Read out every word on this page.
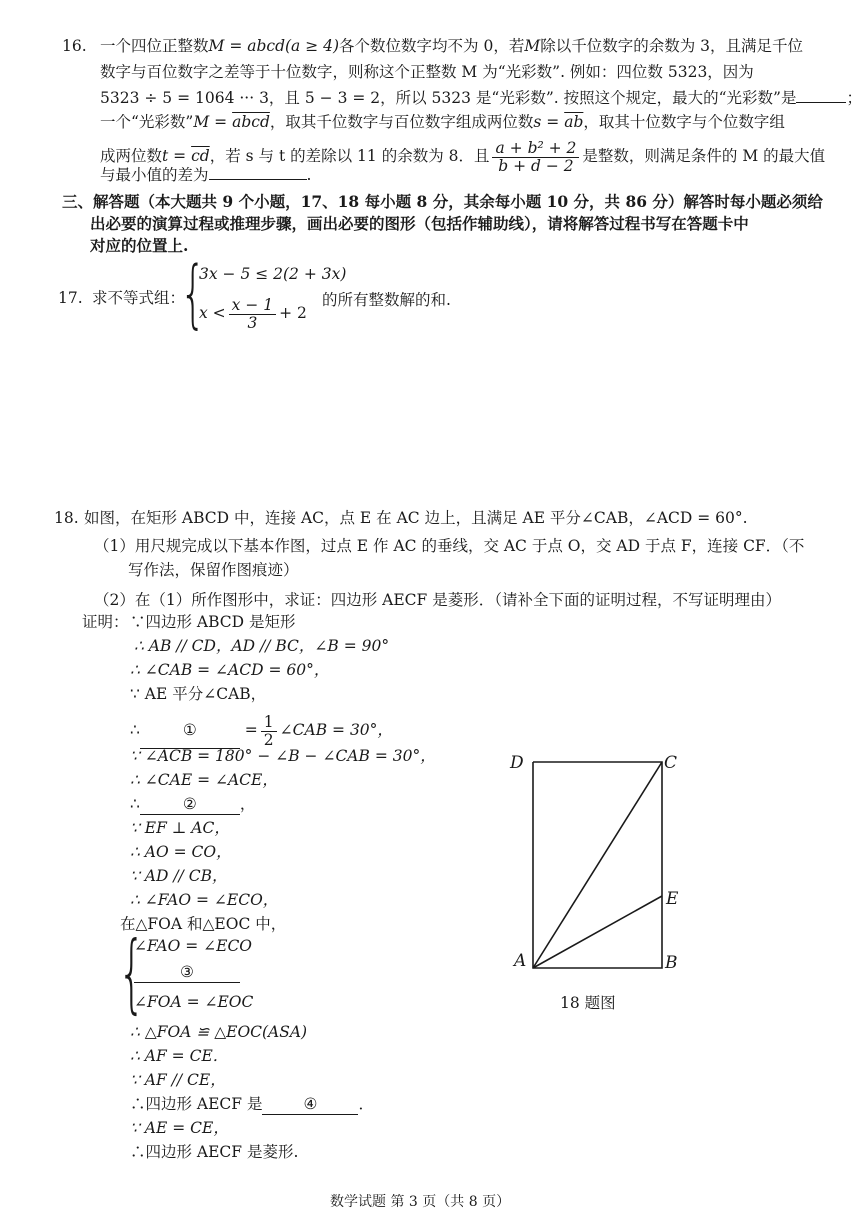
16. 一个四位正整数M = abcd(a ≥ 4)各个数位数字均不为 0，若M除以千位数字的余数为 3，且满足千位
数字与百位数字之差等于十位数字，则称这个正整数 M 为“光彩数”. 例如：四位数 5323，因为
5323 ÷ 5 = 1064 ··· 3，且 5 − 3 = 2，所以 5323 是“光彩数”. 按照这个规定，最大的“光彩数”是	；
一个“光彩数”M = abcd，取其千位数字与百位数字组成两位数$s = \overline{ab}$，取其十位数字与个位数字组
成两位数$t = \overline{cd}$，若 s 与 t 的差除以 11 的余数为 8．且 $\frac{\text{a + b² + 2}}{b + d - 2}$ 是整数，则满足条件的 M 的最大值
与最小值的差为	.
三、解答题（本大题共 9 个小题，17、18 每小题 8 分，其余每小题 10 分，共 86 分）解答时每小题必须给
出必要的演算过程或推理步骤，画出必要的图形（包括作辅助线），请将解答过程书写在答题卡中
对应的位置上.
17. 求不等式组：
{
3x − 5 ≤ 2(2 + 3x)
$x < \frac{x - 1}{3} + 2$
的所有整数解的和.
18. 如图，在矩形 ABCD 中，连接 AC，点 E 在 AC 边上，且满足 AE 平分∠CAB，∠ACD = 60°.
（1）用尺规完成以下基本作图，过点 E 作 AC 的垂线，交 AC 于点 O，交 AD 于点 F，连接 CF．（不
写作法，保留作图痕迹）
（2）在（1）所作图形中，求证：四边形 AECF 是菱形．（请补全下面的证明过程，不写证明理由）
证明： ∵四边形 ABCD 是矩形
∴ AB // CD，AD // BC，∠B = 90°
∴ ∠CAB = ∠ACD = 60°，
∵ AE 平分∠CAB，
∴	①	= $\frac{1}{2}$ ∠CAB = 30°，
∵ ∠ACB = 180° − ∠B − ∠CAB = 30°，
∴ ∠CAE = ∠ACE，
∴	②	，
∵ EF ⊥ AC，
∴ AO = CO，
∵ AD // CB，
∴ ∠FAO = ∠ECO，
在△FOA 和△EOC 中，
{
∠FAO = ∠ECO
③
∠FOA = ∠EOC
∴ △FOA ≌ △EOC(ASA)
∴ AF = CE．
∵ AF // CE，
∴四边形 AECF 是	④	．
∵ AE = CE，
∴四边形 AECF 是菱形.
D	C
E
A	B
18 题图
数学试题 第 3 页（共 8 页）
